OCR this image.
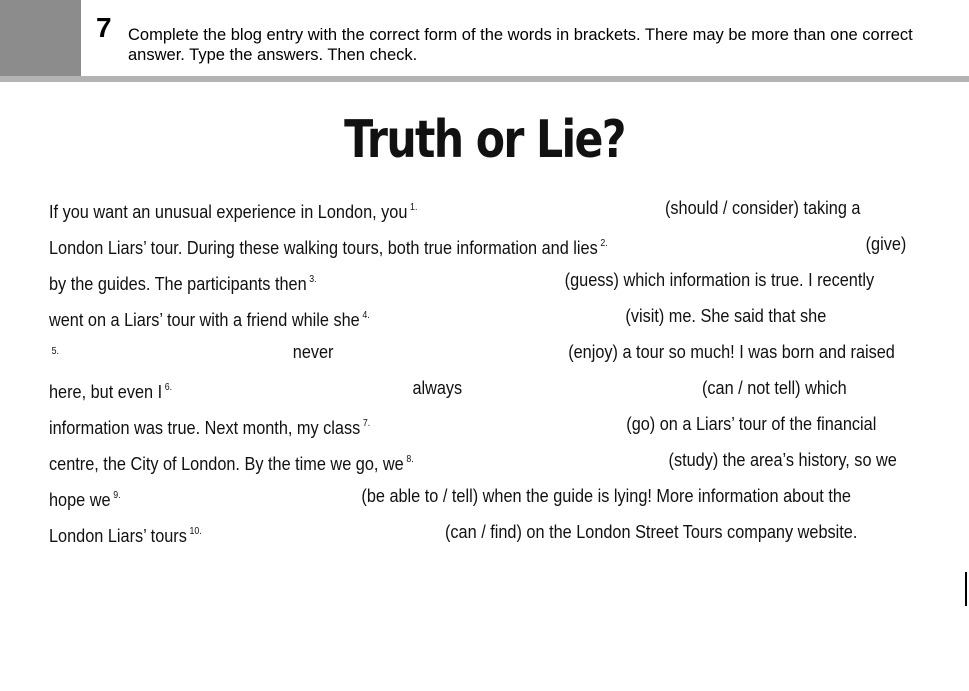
7 Complete the blog entry with the correct form of the words in brackets. There may be more than one correct answer. Type the answers. Then check.
Truth or Lie?
If you want an unusual experience in London, you $^{1.}$	(should / consider) taking a
London Liars’ tour. During these walking tours, both true information and lies $^{2.}$	(give)
by the guides. The participants then $^{3.}$	(guess) which information is true. I recently
went on a Liars’ tour with a friend while she $^{4.}$	(visit) me. She said that she
$^{5.}$	never	(enjoy) a tour so much! I was born and raised
here, but even I $^{6.}$	always	(can / not tell) which
information was true. Next month, my class $^{7.}$	(go) on a Liars’ tour of the financial
centre, the City of London. By the time we go, we $^{8.}$	(study) the area’s history, so we
hope we $^{9.}$	(be able to / tell) when the guide is lying! More information about the
London Liars’ tours $^{10.}$	(can / find) on the London Street Tours company website.
